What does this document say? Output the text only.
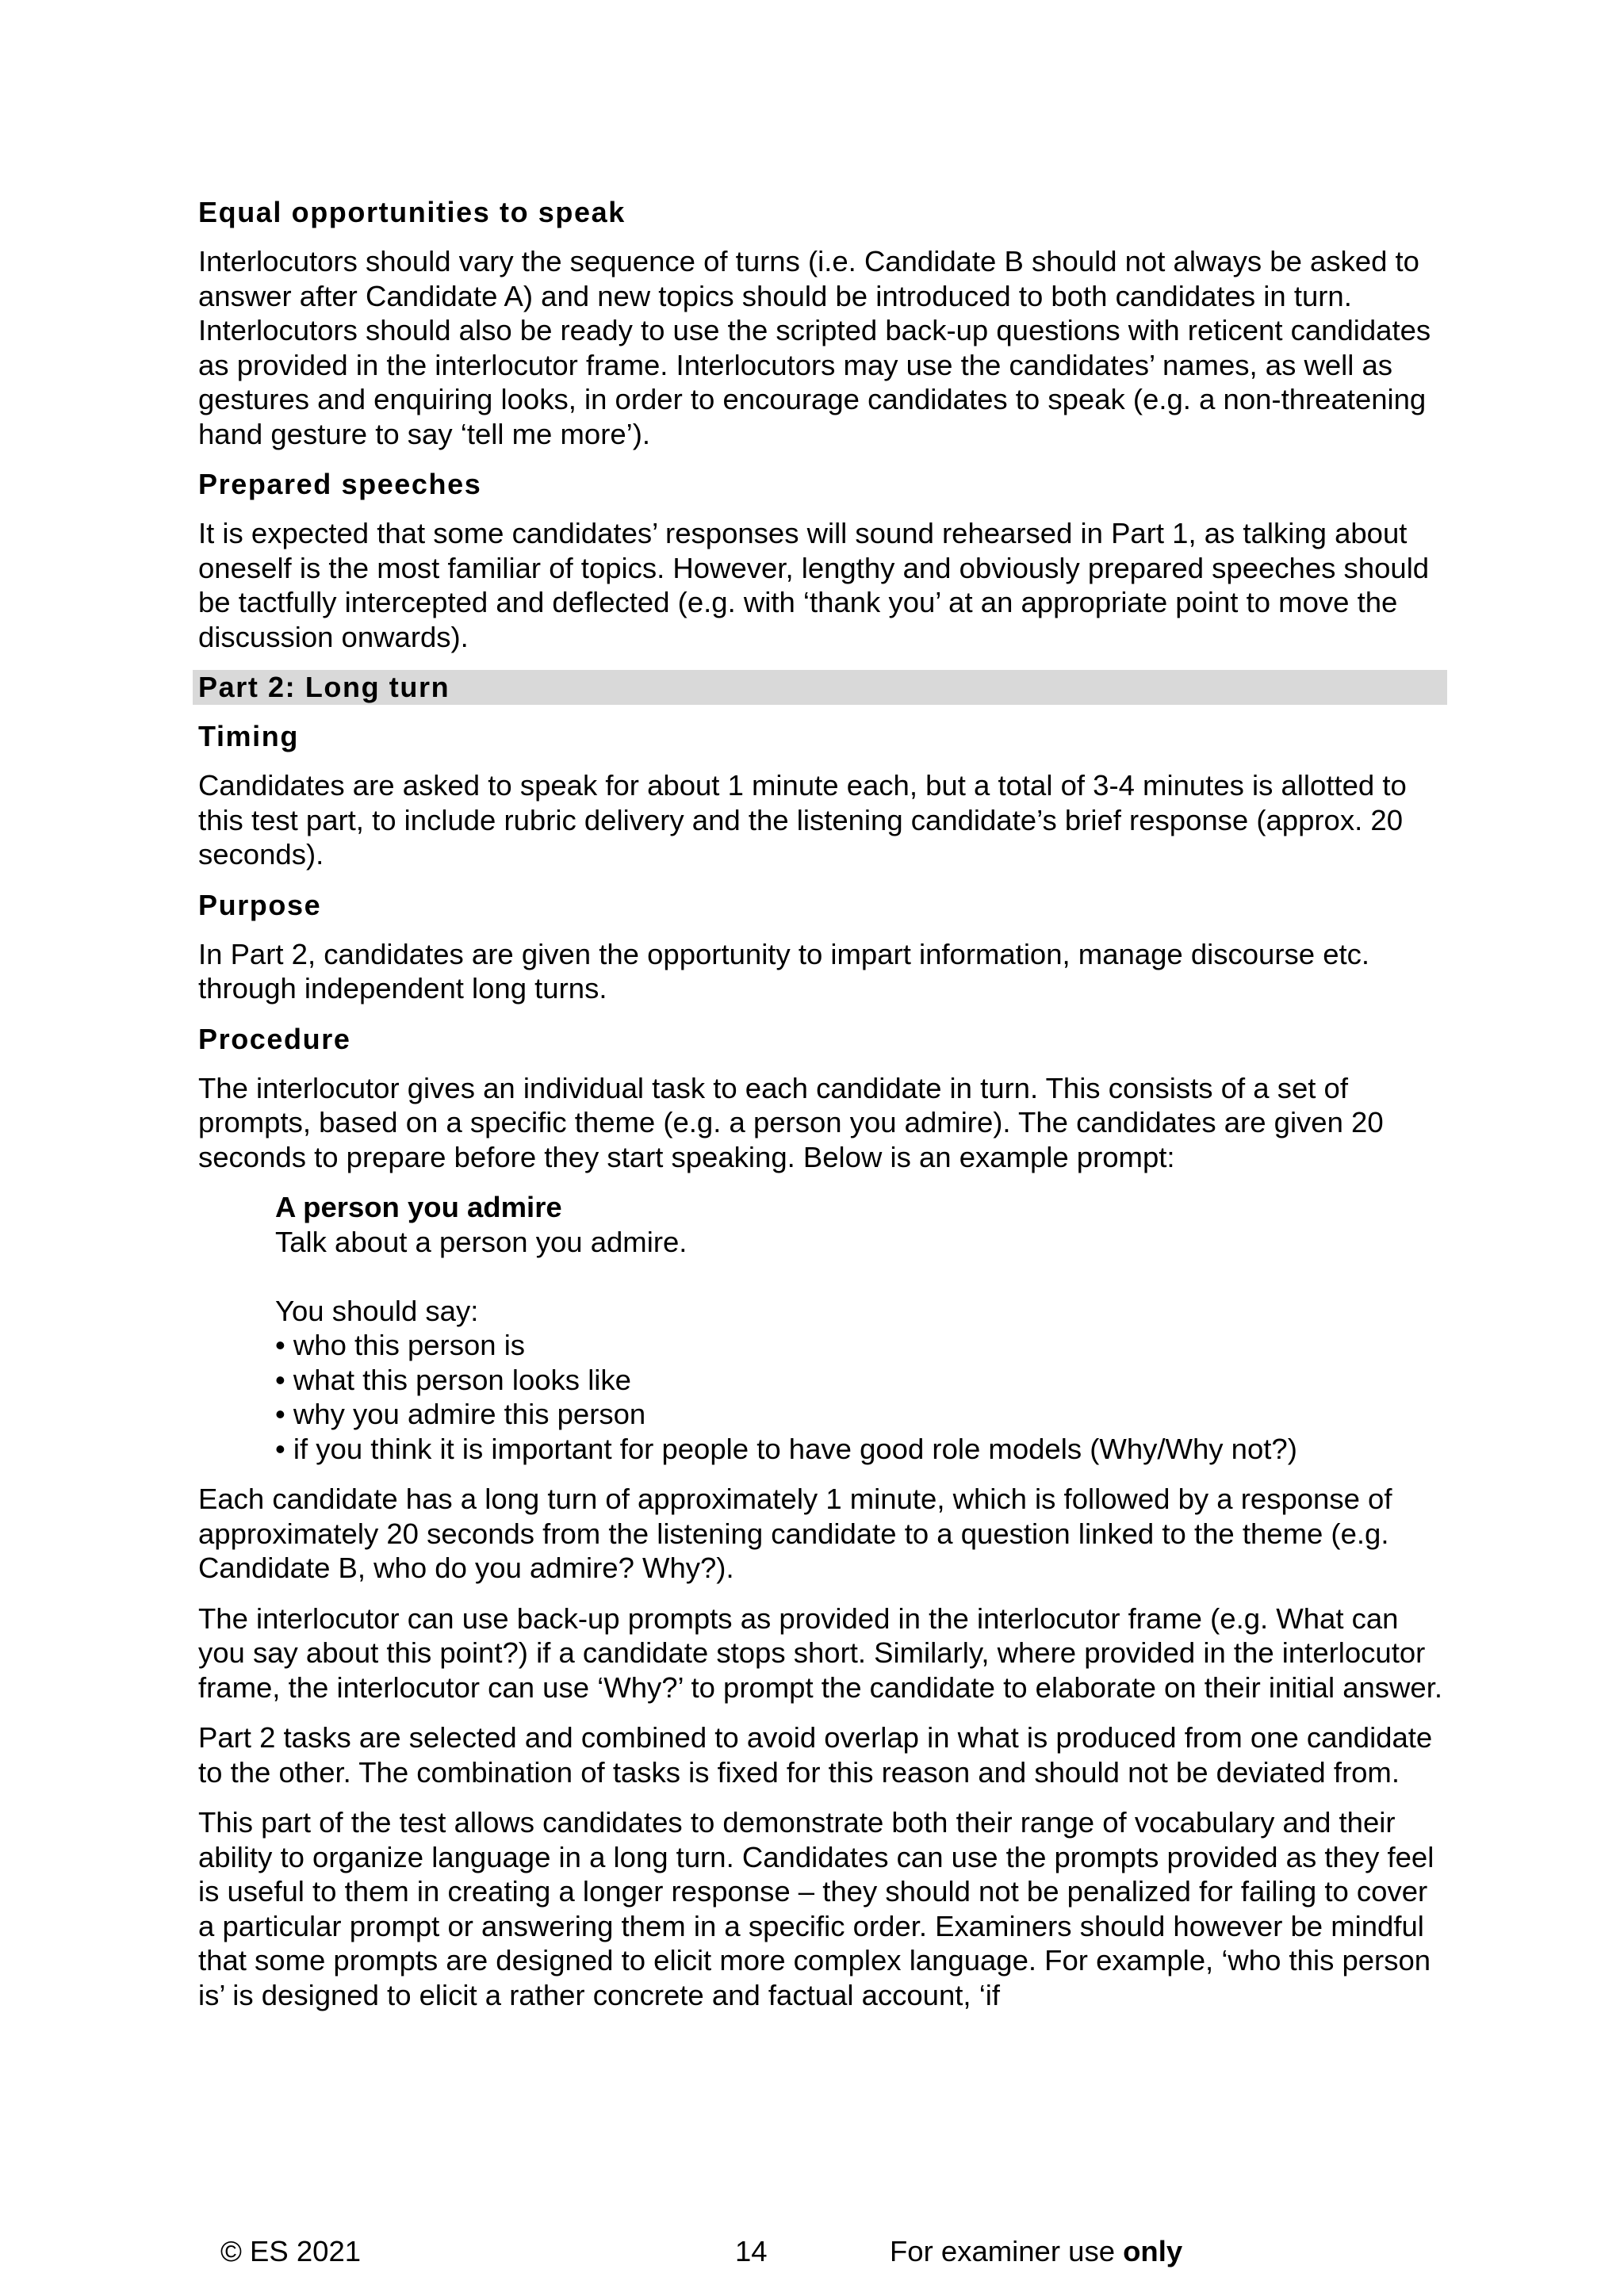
Equal opportunities to speak

Interlocutors should vary the sequence of turns (i.e. Candidate B should not always be asked to answer after Candidate A) and new topics should be introduced to both candidates in turn. Interlocutors should also be ready to use the scripted back-up questions with reticent candidates as provided in the interlocutor frame. Interlocutors may use the candidates’ names, as well as gestures and enquiring looks, in order to encourage candidates to speak (e.g. a non-threatening hand gesture to say ‘tell me more’).

Prepared speeches

It is expected that some candidates’ responses will sound rehearsed in Part 1, as talking about oneself is the most familiar of topics. However, lengthy and obviously prepared speeches should be tactfully intercepted and deflected (e.g. with ‘thank you’ at an appropriate point to move the discussion onwards).

Part 2: Long turn
Timing

Candidates are asked to speak for about 1 minute each, but a total of 3-4 minutes is allotted to this test part, to include rubric delivery and the listening candidate’s brief response (approx. 20 seconds).

Purpose

In Part 2, candidates are given the opportunity to impart information, manage discourse etc. through independent long turns.

Procedure

The interlocutor gives an individual task to each candidate in turn. This consists of a set of prompts, based on a specific theme (e.g. a person you admire). The candidates are given 20 seconds to prepare before they start speaking. Below is an example prompt:

A person you admire
Talk about a person you admire.
You should say:
• who this person is
• what this person looks like
• why you admire this person
• if you think it is important for people to have good role models (Why/Why not?)

Each candidate has a long turn of approximately 1 minute, which is followed by a response of approximately 20 seconds from the listening candidate to a question linked to the theme (e.g. Candidate B, who do you admire? Why?).

The interlocutor can use back-up prompts as provided in the interlocutor frame (e.g. What can you say about this point?) if a candidate stops short. Similarly, where provided in the interlocutor frame, the interlocutor can use ‘Why?’ to prompt the candidate to elaborate on their initial answer.

Part 2 tasks are selected and combined to avoid overlap in what is produced from one candidate to the other. The combination of tasks is fixed for this reason and should not be deviated from.

This part of the test allows candidates to demonstrate both their range of vocabulary and their ability to organize language in a long turn. Candidates can use the prompts provided as they feel is useful to them in creating a longer response – they should not be penalized for failing to cover a particular prompt or answering them in a specific order. Examiners should however be mindful that some prompts are designed to elicit more complex language. For example, ‘who this person is’ is designed to elicit a rather concrete and factual account, ‘if

© ES 2021	14	For examiner use only
